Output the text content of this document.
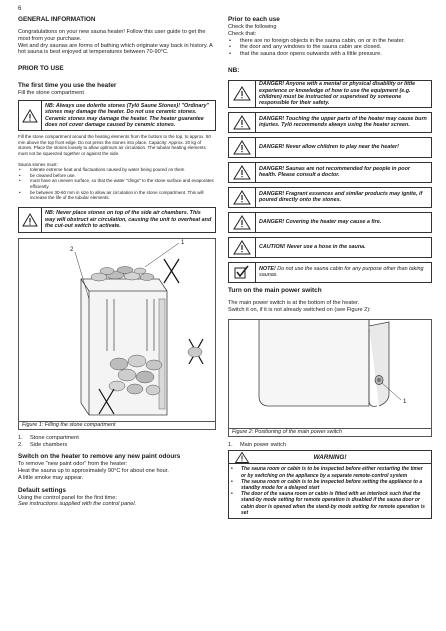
6
GENERAL INFORMATION
Congratulations on your new sauna heater! Follow this user guide to get the most from your purchase.
Wet and dry saunas are forms of bathing which originate way back in history. A hot sauna is best enjoyed at temperatures between 70-90°C.
PRIOR TO USE
The first time you use the heater
Fill the stone compartment
NB: Always use dolerite stones (Tylö Saune Stones)! "Ordinary" stones may damage the heater. Do not use ceramic stones. Ceramic stones may damage the heater. The heater guarantee does not cover damage caused by ceramic stones.
Fill the stone compartment around the heating elements from the bottom to the top, to approx. 50 mm above the top front edge. Do not press the stones into place. Capacity: Approx. 20 kg of stones. Place the stones loosely to allow optimum air circulation. The tubular heating elements must not be squeezed together or against the side.
Sauna stones must:
• tolerate extreme heat and fluctuations caused by water being poured on them
• be cleaned before use.
• must have an uneven surface, so that the water "clings" to the stone surface and evaporates efficiently.
• be between 30-60 mm in size to allow air circulation in the stone compartment. This will increase the life of the tubular elements.
NB: Never place stones on top of the side air chambers. This way will obstruct air circulation, causing the unit to overheat and the cut-out switch to activate.
1
2
Figure 1: Filling the stone compartment
1. Stone compartment
2. Side chambers
Switch on the heater to remove any new paint odours
To remove "new paint odor" from the heater:
Heat the sauna up to approximately 90°C for about one hour.
A little smoke may appear.
Default settings
Using the control panel for the first time:
See instructions supplied with the control panel.
Prior to each use
Check the following
Check that:
• there are no foreign objects in the sauna cabin, on or in the heater.
• the door and any windows to the sauna cabin are closed.
• that the sauna door opens outwards with a little pressure.
NB:
DANGER! Anyone with a mental or physical disability or little experience or knowledge of how to use the equipment (e.g. children) must be instructed or supervised by someone responsible for their safety.
DANGER! Touching the upper parts of the heater may cause burn injuries. Tylö recommends always using the heater screen.
DANGER! Never allow children to play near the heater!
DANGER! Saunas are not recommended for people in poor health. Please consult a doctor.
DANGER! Fragrant essences and similar products may ignite, if poured directly onto the stones.
DANGER! Covering the heater may cause a fire.
CAUTION! Never use a hose in the sauna.
NOTE! Do not use the sauna cabin for any purpose other than taking saunas.
Turn on the main power switch
The main power switch is at the bottom of the heater.
Switch it on, if it is not already switched on (see Figure 2):
1
Figure 2: Positioning of the main power switch
1. Main power switch
WARNING!
• The sauna room or cabin is to be inspected before either restarting the timer or by switching on the appliance by a separate remote-control system
• The sauna room or cabin is to be inspected before setting the appliance to a standby mode for a delayed start
• The door of the sauna room or cabin is fitted with an interlock such that the stand-by mode setting for remote operation is disabled if the sauna door or cabin door is opened when the stand-by mode setting for remote operation is set
